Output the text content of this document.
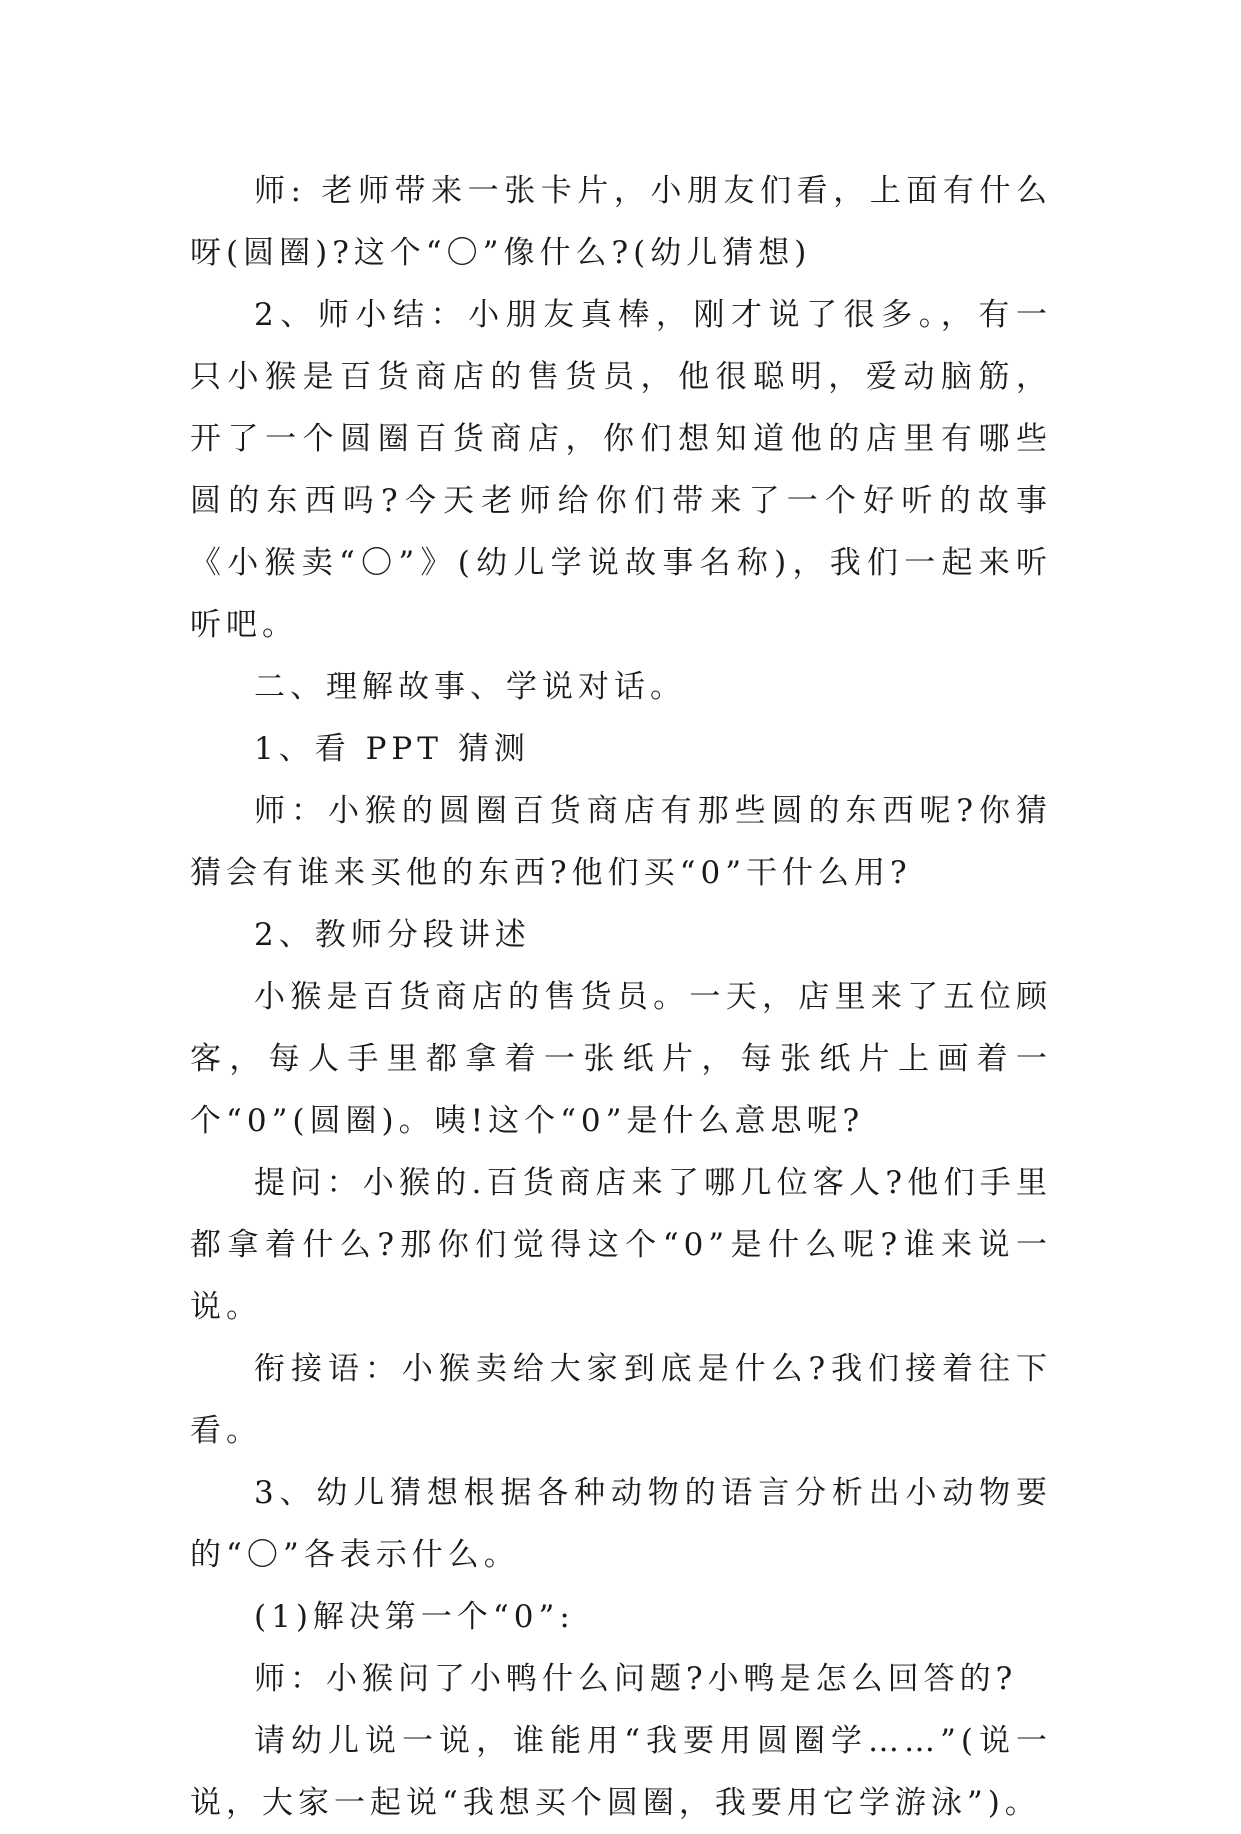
师: 老师带来一张卡片，小朋友们看，上面有什么呀(圆圈)?这个“〇”像什么?(幼儿猜想)

2、师小结：小朋友真棒，刚才说了很多。，有一只小猴是百货商店的售货员，他很聪明，爱动脑筋，开了一个圆圈百货商店，你们想知道他的店里有哪些圆的东西吗?今天老师给你们带来了一个好听的故事《小猴卖“〇”》(幼儿学说故事名称)，我们一起来听听吧。

二、理解故事、学说对话。

1、看 PPT 猜测

师：小猴的圆圈百货商店有那些圆的东西呢?你猜猜会有谁来买他的东西?他们买“0”干什么用?

2、教师分段讲述

小猴是百货商店的售货员。一天，店里来了五位顾客，每人手里都拿着一张纸片，每张纸片上画着一个“0”(圆圈)。咦!这个“0”是什么意思呢?

提问：小猴的.百货商店来了哪几位客人?他们手里都拿着什么?那你们觉得这个“0”是什么呢?谁来说一说。

衔接语：小猴卖给大家到底是什么?我们接着往下看。

3、幼儿猜想根据各种动物的语言分析出小动物要的“〇”各表示什么。

(1)解决第一个“0”:

师：小猴问了小鸭什么问题?小鸭是怎么回答的?

请幼儿说一说，谁能用“我要用圆圈学……”(说一说，大家一起说“我想买个圆圈，我要用它学游泳”)。
